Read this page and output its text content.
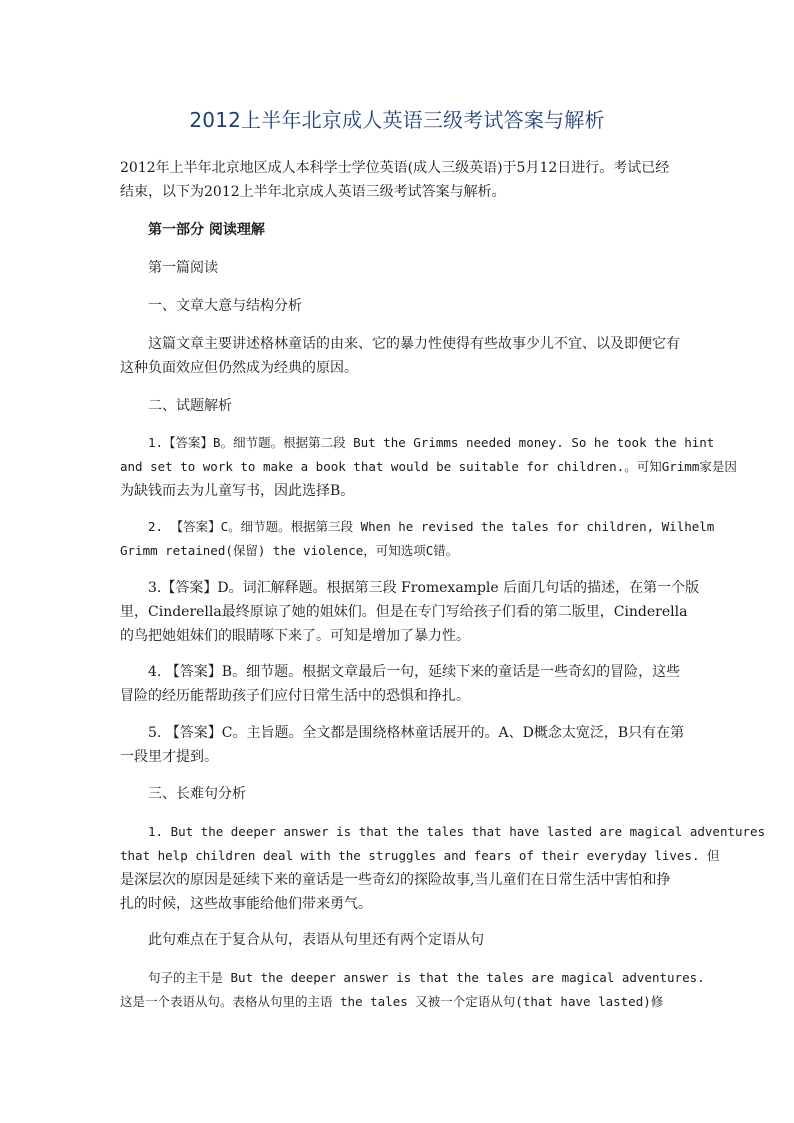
2012上半年北京成人英语三级考试答案与解析
2012年上半年北京地区成人本科学士学位英语(成人三级英语)于5月12日进行。考试已经
结束，以下为2012上半年北京成人英语三级考试答案与解析。
第一部分 阅读理解
第一篇阅读
一、文章大意与结构分析
这篇文章主要讲述格林童话的由来、它的暴力性使得有些故事少儿不宜、以及即便它有
这种负面效应但仍然成为经典的原因。
二、试题解析
1.【答案】B。细节题。根据第二段 But the Grimms needed money. So he took the hint
and set to work to make a book that would be suitable for children.。可知Grimm家是因
为缺钱而去为儿童写书，因此选择B。
2. 【答案】C。细节题。根据第三段 When he revised the tales for children, Wilhelm
Grimm retained(保留) the violence，可知选项C错。
3.【答案】D。词汇解释题。根据第三段 Fromexample 后面几句话的描述，在第一个版
里，Cinderella最终原谅了她的姐妹们。但是在专门写给孩子们看的第二版里，Cinderella
的鸟把她姐妹们的眼睛啄下来了。可知是增加了暴力性。
4. 【答案】B。细节题。根据文章最后一句，延续下来的童话是一些奇幻的冒险，这些
冒险的经历能帮助孩子们应付日常生活中的恐惧和挣扎。
5. 【答案】C。主旨题。全文都是围绕格林童话展开的。A、D概念太宽泛，B只有在第
一段里才提到。
三、长难句分析
1. But the deeper answer is that the tales that have lasted are magical adventures
that help children deal with the struggles and fears of their everyday lives. 但
是深层次的原因是延续下来的童话是一些奇幻的探险故事,当儿童们在日常生活中害怕和挣
扎的时候，这些故事能给他们带来勇气。
此句难点在于复合从句，表语从句里还有两个定语从句
句子的主干是 But the deeper answer is that the tales are magical adventures.
这是一个表语从句。表格从句里的主语 the tales 又被一个定语从句(that have lasted)修
